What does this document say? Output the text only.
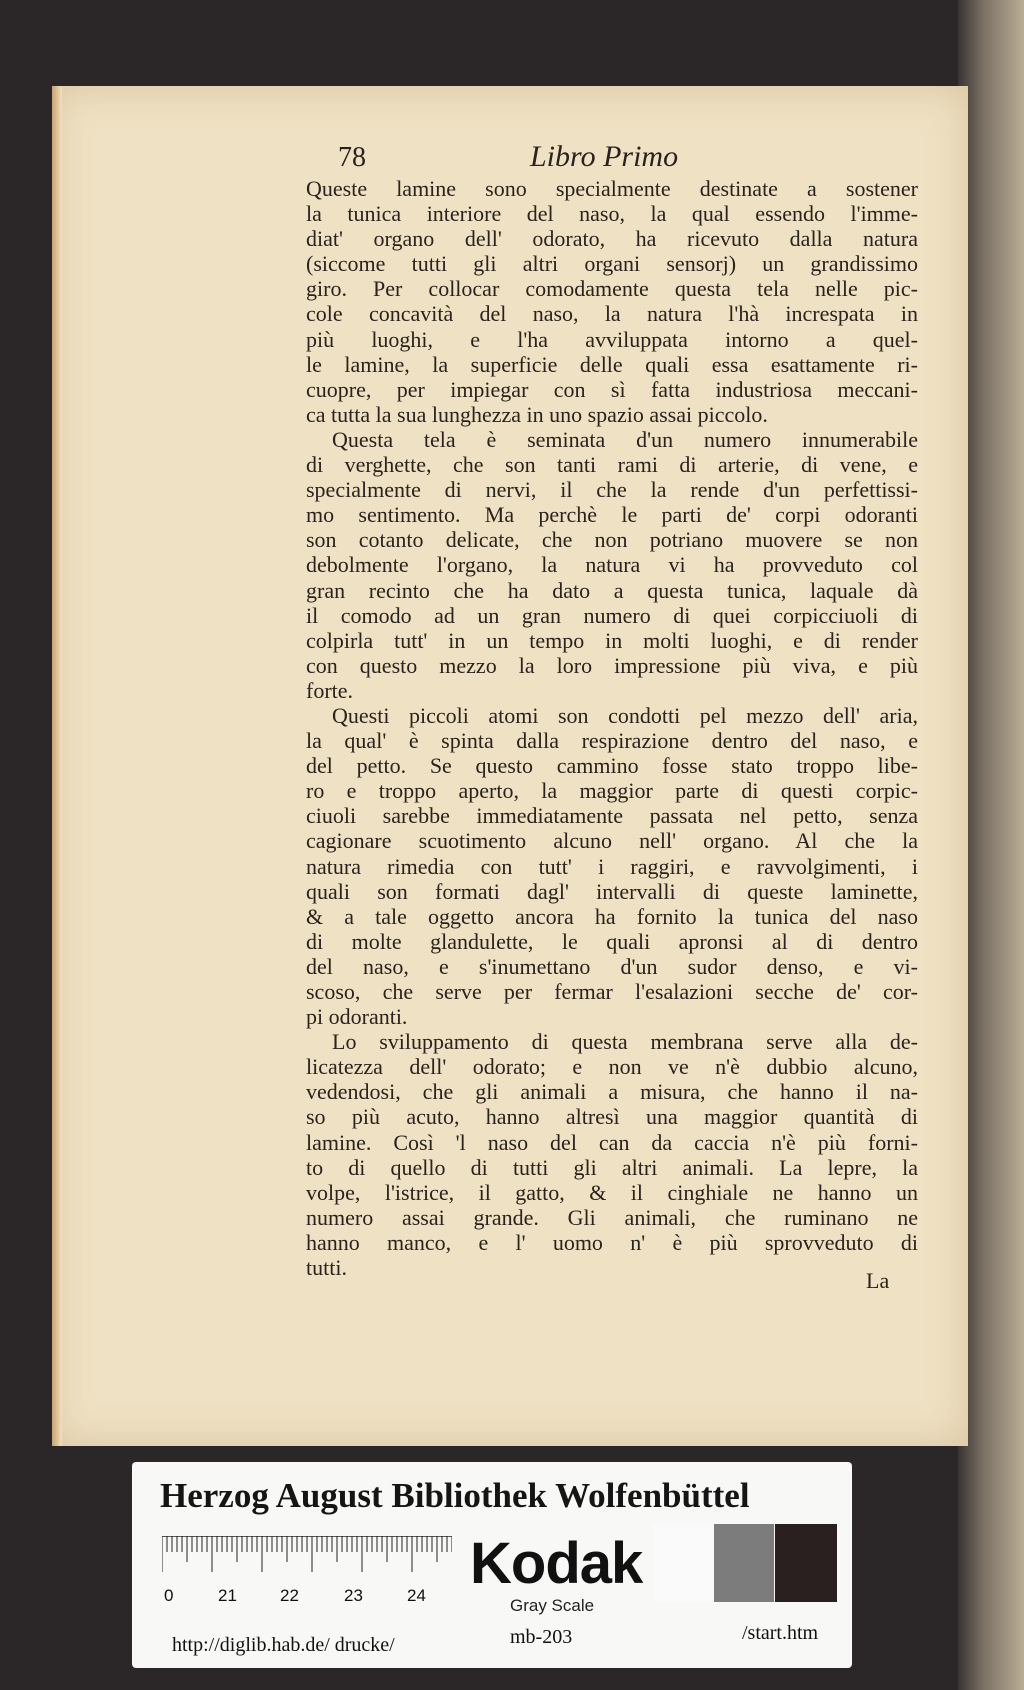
78	Libro Primo
Queste lamine sono specialmente destinate a sostener
la tunica interiore del naso, la qual essendo l'imme-
diat' organo dell' odorato, ha ricevuto dalla natura
(siccome tutti gli altri organi sensorj) un grandissimo
giro. Per collocar comodamente questa tela nelle pic-
cole concavità del naso, la natura l'hà increspata in
più luoghi, e l'ha avviluppata intorno a quel-
le lamine, la superficie delle quali essa esattamente ri-
cuopre, per impiegar con sì fatta industriosa meccani-
ca tutta la sua lunghezza in uno spazio assai piccolo.
Questa tela è seminata d'un numero innumerabile
di verghette, che son tanti rami di arterie, di vene, e
specialmente di nervi, il che la rende d'un perfettissi-
mo sentimento. Ma perchè le parti de' corpi odoranti
son cotanto delicate, che non potriano muovere se non
debolmente l'organo, la natura vi ha provveduto col
gran recinto che ha dato a questa tunica, laquale dà
il comodo ad un gran numero di quei corpicciuoli di
colpirla tutt' in un tempo in molti luoghi, e di render
con questo mezzo la loro impressione più viva, e più
forte.
Questi piccoli atomi son condotti pel mezzo dell' aria,
la qual' è spinta dalla respirazione dentro del naso, e
del petto. Se questo cammino fosse stato troppo libe-
ro e troppo aperto, la maggior parte di questi corpic-
ciuoli sarebbe immediatamente passata nel petto, senza
cagionare scuotimento alcuno nell' organo. Al che la
natura rimedia con tutt' i raggiri, e ravvolgimenti, i
quali son formati dagl' intervalli di queste laminette,
& a tale oggetto ancora ha fornito la tunica del naso
di molte glandulette, le quali apronsi al di dentro
del naso, e s'inumettano d'un sudor denso, e vi-
scoso, che serve per fermar l'esalazioni secche de' cor-
pi odoranti.
Lo sviluppamento di questa membrana serve alla de-
licatezza dell' odorato; e non ve n'è dubbio alcuno,
vedendosi, che gli animali a misura, che hanno il na-
so più acuto, hanno altresì una maggior quantità di
lamine. Così 'l naso del can da caccia n'è più forni-
to di quello di tutti gli altri animali. La lepre, la
volpe, l'istrice, il gatto, & il cinghiale ne hanno un
numero assai grande. Gli animali, che ruminano ne
hanno manco, e l' uomo n' è più sprovveduto di
tutti.
La
Herzog August Bibliothek Wolfenbüttel
0	21	22	23	24 Kodak
Gray Scale
http://diglib.hab.de/ drucke/	mb-203	/start.htm
